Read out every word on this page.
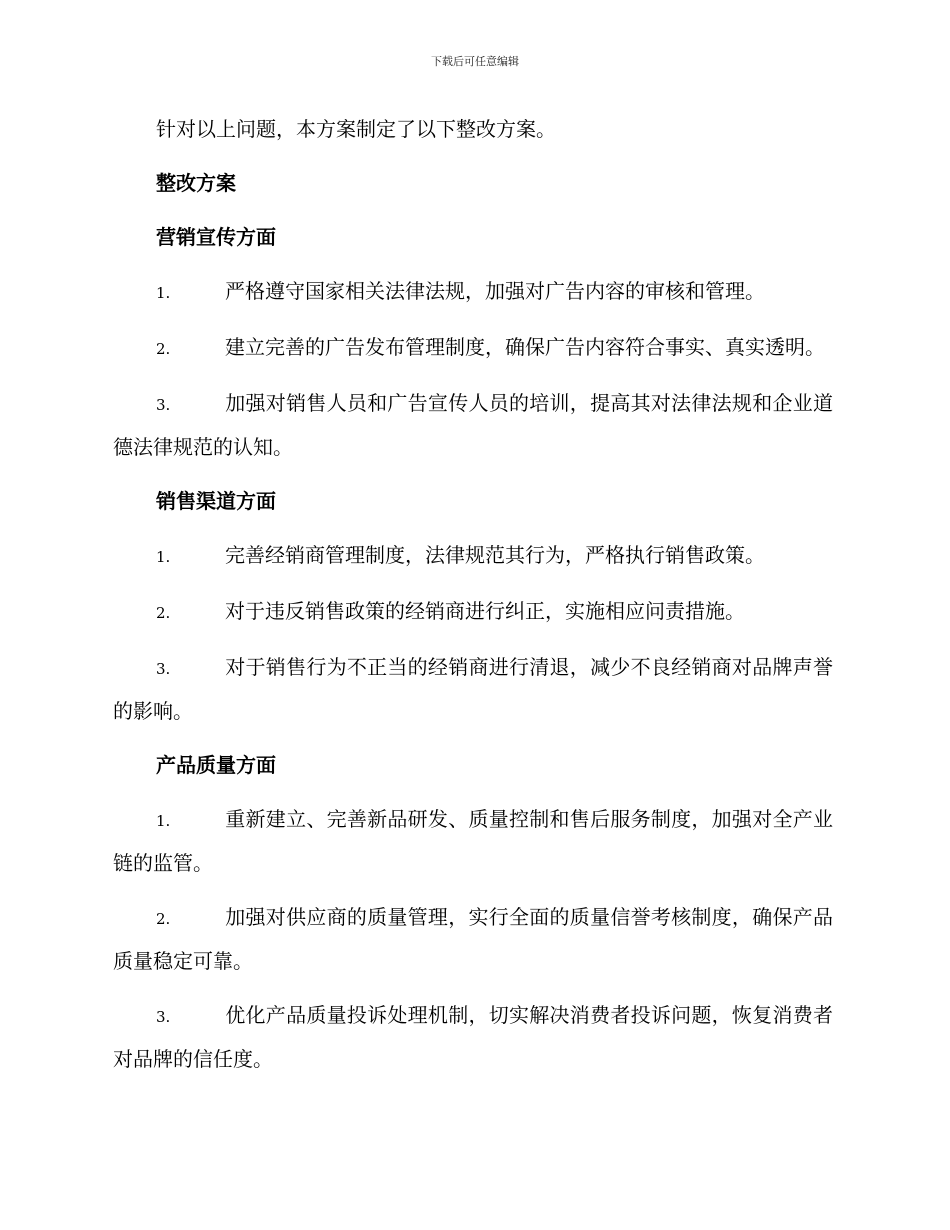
下载后可任意编辑

针对以上问题，本方案制定了以下整改方案。

整改方案

营销宣传方面

1.	严格遵守国家相关法律法规，加强对广告内容的审核和管理。

2.	建立完善的广告发布管理制度，确保广告内容符合事实、真实透明。

3.	加强对销售人员和广告宣传人员的培训，提高其对法律法规和企业道德法律规范的认知。

销售渠道方面

1.	完善经销商管理制度，法律规范其行为，严格执行销售政策。

2.	对于违反销售政策的经销商进行纠正，实施相应问责措施。

3.	对于销售行为不正当的经销商进行清退，减少不良经销商对品牌声誉的影响。

产品质量方面

1.	重新建立、完善新品研发、质量控制和售后服务制度，加强对全产业链的监管。

2.	加强对供应商的质量管理，实行全面的质量信誉考核制度，确保产品质量稳定可靠。

3.	优化产品质量投诉处理机制，切实解决消费者投诉问题，恢复消费者对品牌的信任度。
